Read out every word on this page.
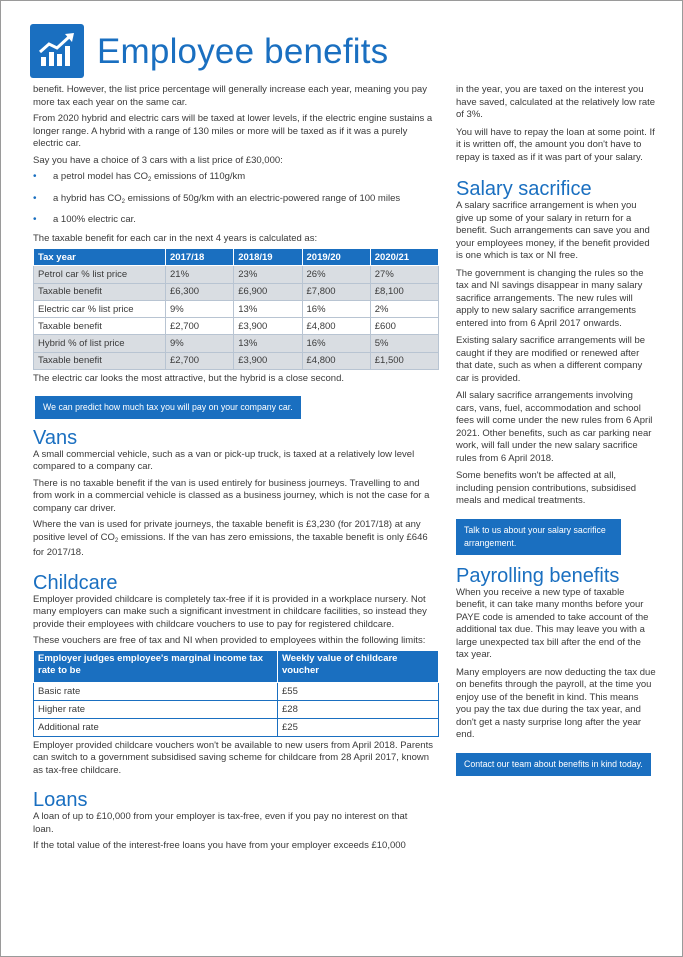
Employee benefits

benefit. However, the list price percentage will generally increase each year, meaning you pay more tax each year on the same car.

From 2020 hybrid and electric cars will be taxed at lower levels, if the electric engine sustains a longer range. A hybrid with a range of 130 miles or more will be taxed as if it was a purely electric car.

Say you have a choice of 3 cars with a list price of £30,000:

• a petrol model has $CO_2$ emissions of 110g/km
• a hybrid has $CO_2$ emissions of 50g/km with an electric-powered range of 100 miles
• a 100% electric car.

The taxable benefit for each car in the next 4 years is calculated as:

Tax year	2017/18	2018/19	2019/20	2020/21
Petrol car % list price	21%	23%	26%	27%
Taxable benefit	£6,300	£6,900	£7,800	£8,100
Electric car % list price	9%	13%	16%	2%
Taxable benefit	£2,700	£3,900	£4,800	£600
Hybrid % of list price	9%	13%	16%	5%
Taxable benefit	£2,700	£3,900	£4,800	£1,500

The electric car looks the most attractive, but the hybrid is a close second.

We can predict how much tax you will pay on your company car.
Vans

A small commercial vehicle, such as a van or pick-up truck, is taxed at a relatively low level compared to a company car.

There is no taxable benefit if the van is used entirely for business journeys. Travelling to and from work in a commercial vehicle is classed as a business journey, which is not the case for a company car driver.

Where the van is used for private journeys, the taxable benefit is £3,230 (for 2017/18) at any positive level of $CO_2$ emissions. If the van has zero emissions, the taxable benefit is only £646 for 2017/18.

Childcare

Employer provided childcare is completely tax-free if it is provided in a workplace nursery. Not many employers can make such a significant investment in childcare facilities, so instead they provide their employees with childcare vouchers to use to pay for registered childcare.

These vouchers are free of tax and NI when provided to employees within the following limits:

Employer judges employee's marginal income tax rate to be	Weekly value of childcare voucher
Basic rate	£55
Higher rate	£28
Additional rate	£25

Employer provided childcare vouchers won't be available to new users from April 2018. Parents can switch to a government subsidised saving scheme for childcare from 28 April 2017, known as tax-free childcare.

Loans

A loan of up to £10,000 from your employer is tax-free, even if you pay no interest on that loan.

If the total value of the interest-free loans you have from your employer exceeds £10,000

in the year, you are taxed on the interest you have saved, calculated at the relatively low rate of 3%.

You will have to repay the loan at some point. If it is written off, the amount you don't have to repay is taxed as if it was part of your salary.

Salary sacrifice

A salary sacrifice arrangement is when you give up some of your salary in return for a benefit. Such arrangements can save you and your employees money, if the benefit provided is one which is tax or NI free.

The government is changing the rules so the tax and NI savings disappear in many salary sacrifice arrangements. The new rules will apply to new salary sacrifice arrangements entered into from 6 April 2017 onwards.

Existing salary sacrifice arrangements will be caught if they are modified or renewed after that date, such as when a different company car is provided.

All salary sacrifice arrangements involving cars, vans, fuel, accommodation and school fees will come under the new rules from 6 April 2021. Other benefits, such as car parking near work, will fall under the new salary sacrifice rules from 6 April 2018.

Some benefits won't be affected at all, including pension contributions, subsidised meals and medical treatments.

Talk to us about your salary sacrifice arrangement.
Payrolling benefits

When you receive a new type of taxable benefit, it can take many months before your PAYE code is amended to take account of the additional tax due. This may leave you with a large unexpected tax bill after the end of the tax year.

Many employers are now deducting the tax due on benefits through the payroll, at the time you enjoy use of the benefit in kind. This means you pay the tax due during the tax year, and don't get a nasty surprise long after the year end.

Contact our team about benefits in kind today.
